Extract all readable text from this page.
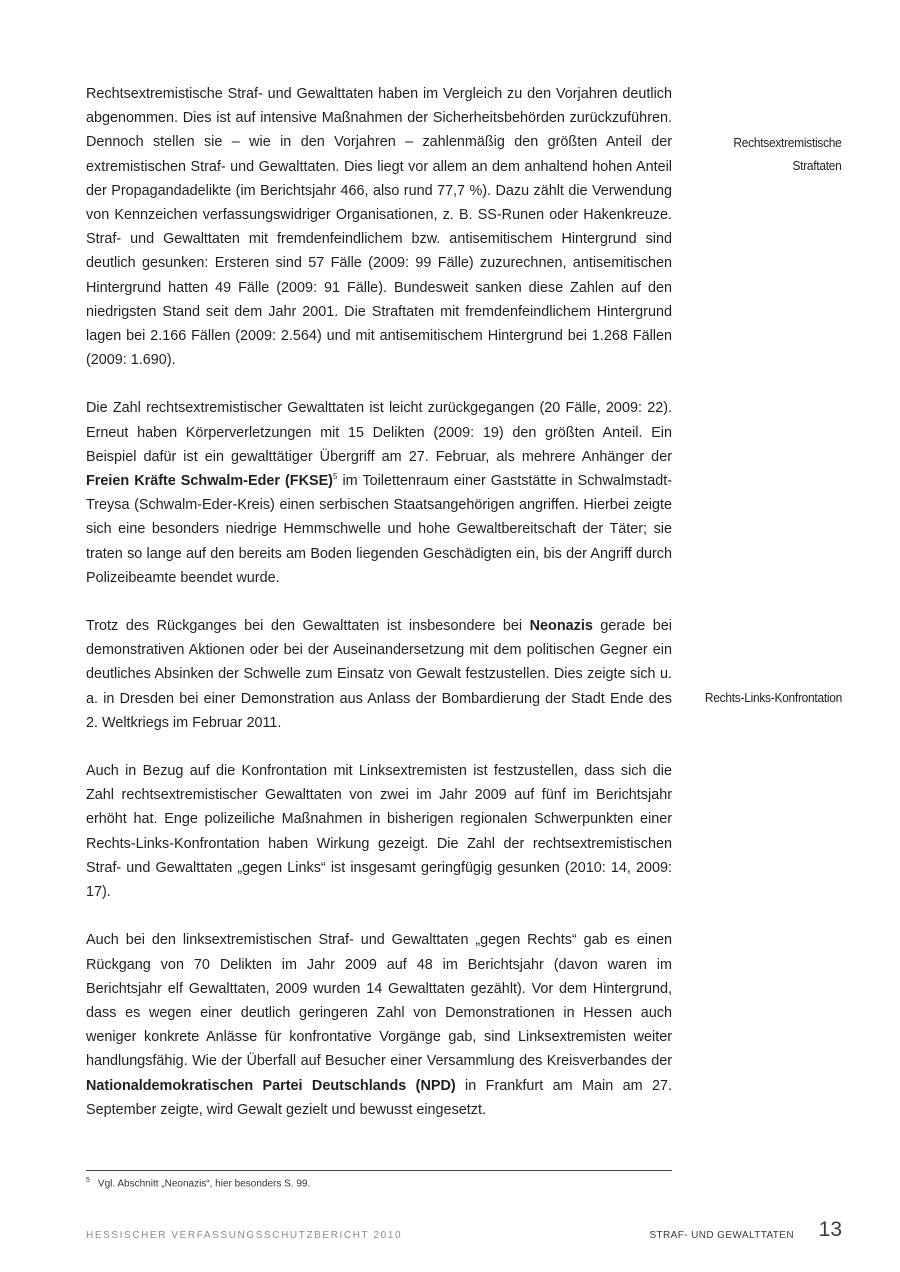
Rechtsextremistische
Straftaten
Rechts-Links-Konfrontation

Rechtsextremistische Straf- und Gewalttaten haben im Vergleich zu den Vorjahren deutlich abgenommen. Dies ist auf intensive Maßnahmen der Sicherheitsbehörden zurückzuführen. Dennoch stellen sie – wie in den Vorjahren – zahlenmäßig den größten Anteil der extremistischen Straf- und Gewalttaten. Dies liegt vor allem an dem anhaltend hohen Anteil der Propagandadelikte (im Berichtsjahr 466, also rund 77,7 %). Dazu zählt die Verwendung von Kennzeichen verfassungswidriger Organisationen, z. B. SS-Runen oder Hakenkreuze. Straf- und Gewalttaten mit fremdenfeindlichem bzw. antisemitischem Hintergrund sind deutlich gesunken: Ersteren sind 57 Fälle (2009: 99 Fälle) zuzurechnen, antisemitischen Hintergrund hatten 49 Fälle (2009: 91 Fälle). Bundesweit sanken diese Zahlen auf den niedrigsten Stand seit dem Jahr 2001. Die Straftaten mit fremdenfeindlichem Hintergrund lagen bei 2.166 Fällen (2009: 2.564) und mit antisemitischem Hintergrund bei 1.268 Fällen (2009: 1.690).

Die Zahl rechtsextremistischer Gewalttaten ist leicht zurückgegangen (20 Fälle, 2009: 22). Erneut haben Körperverletzungen mit 15 Delikten (2009: 19) den größten Anteil. Ein Beispiel dafür ist ein gewalttätiger Übergriff am 27. Februar, als mehrere Anhänger der Freien Kräfte Schwalm-Eder (FKSE)$^5$ im Toilettenraum einer Gaststätte in Schwalmstadt-Treysa (Schwalm-Eder-Kreis) einen serbischen Staatsangehörigen angriffen. Hierbei zeigte sich eine besonders niedrige Hemmschwelle und hohe Gewaltbereitschaft der Täter; sie traten so lange auf den bereits am Boden liegenden Geschädigten ein, bis der Angriff durch Polizeibeamte beendet wurde.

Trotz des Rückganges bei den Gewalttaten ist insbesondere bei Neonazis gerade bei demonstrativen Aktionen oder bei der Auseinandersetzung mit dem politischen Gegner ein deutliches Absinken der Schwelle zum Einsatz von Gewalt festzustellen. Dies zeigte sich u. a. in Dresden bei einer Demonstration aus Anlass der Bombardierung der Stadt Ende des 2. Weltkriegs im Februar 2011.

Auch in Bezug auf die Konfrontation mit Linksextremisten ist festzustellen, dass sich die Zahl rechtsextremistischer Gewalttaten von zwei im Jahr 2009 auf fünf im Berichtsjahr erhöht hat. Enge polizeiliche Maßnahmen in bisherigen regionalen Schwerpunkten einer Rechts-Links-Konfrontation haben Wirkung gezeigt. Die Zahl der rechtsextremistischen Straf- und Gewalttaten „gegen Links“ ist insgesamt geringfügig gesunken (2010: 14, 2009: 17).

Auch bei den linksextremistischen Straf- und Gewalttaten „gegen Rechts“ gab es einen Rückgang von 70 Delikten im Jahr 2009 auf 48 im Berichtsjahr (davon waren im Berichtsjahr elf Gewalttaten, 2009 wurden 14 Gewalttaten gezählt). Vor dem Hintergrund, dass es wegen einer deutlich geringeren Zahl von Demonstrationen in Hessen auch weniger konkrete Anlässe für konfrontative Vorgänge gab, sind Linksextremisten weiter handlungsfähig. Wie der Überfall auf Besucher einer Versammlung des Kreisverbandes der Nationaldemokratischen Partei Deutschlands (NPD) in Frankfurt am Main am 27. September zeigte, wird Gewalt gezielt und bewusst eingesetzt.

$^5$ Vgl. Abschnitt „Neonazis“, hier besonders S. 99.
HESSISCHER VERFASSUNGSSCHUTZBERICHT 2010	STRAF- UND GEWALTTATEN 13
